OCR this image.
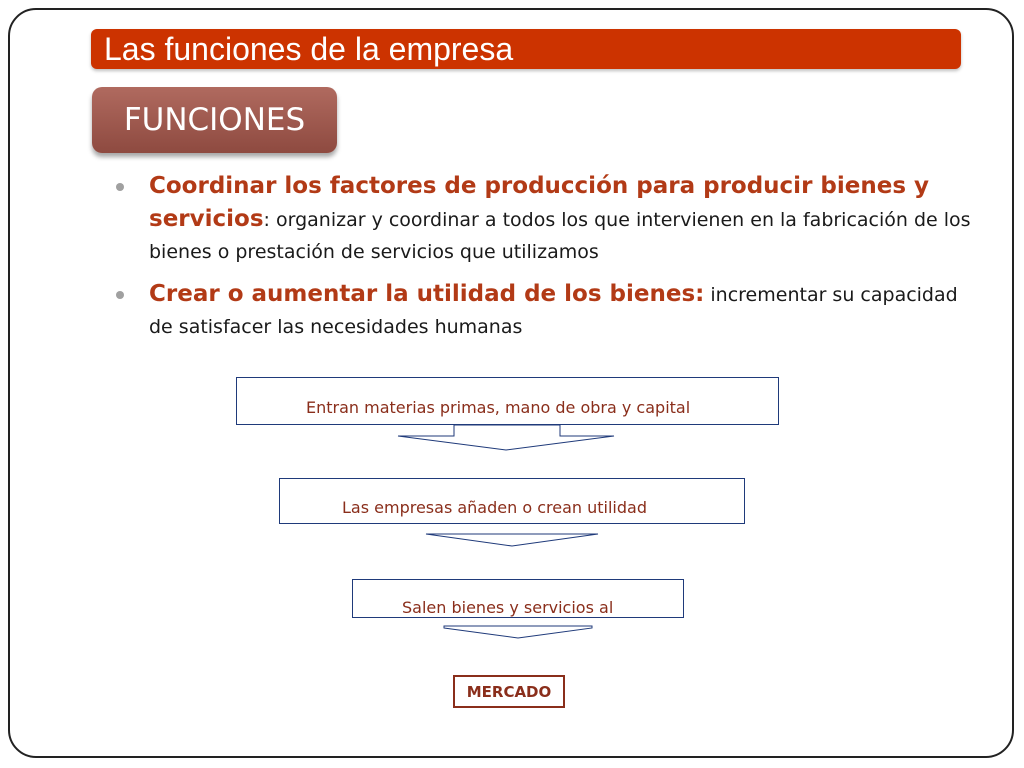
Las funciones de la empresa
FUNCIONES
Coordinar los factores de producción para producir bienes y servicios: organizar y coordinar a todos los que intervienen en la fabricación de los bienes o prestación de servicios que utilizamos
Crear o aumentar la utilidad de los bienes: incrementar su capacidad de satisfacer las necesidades humanas
Entran materias primas, mano de obra y capital
Las empresas añaden o crean utilidad
Salen bienes y servicios al
MERCADO
